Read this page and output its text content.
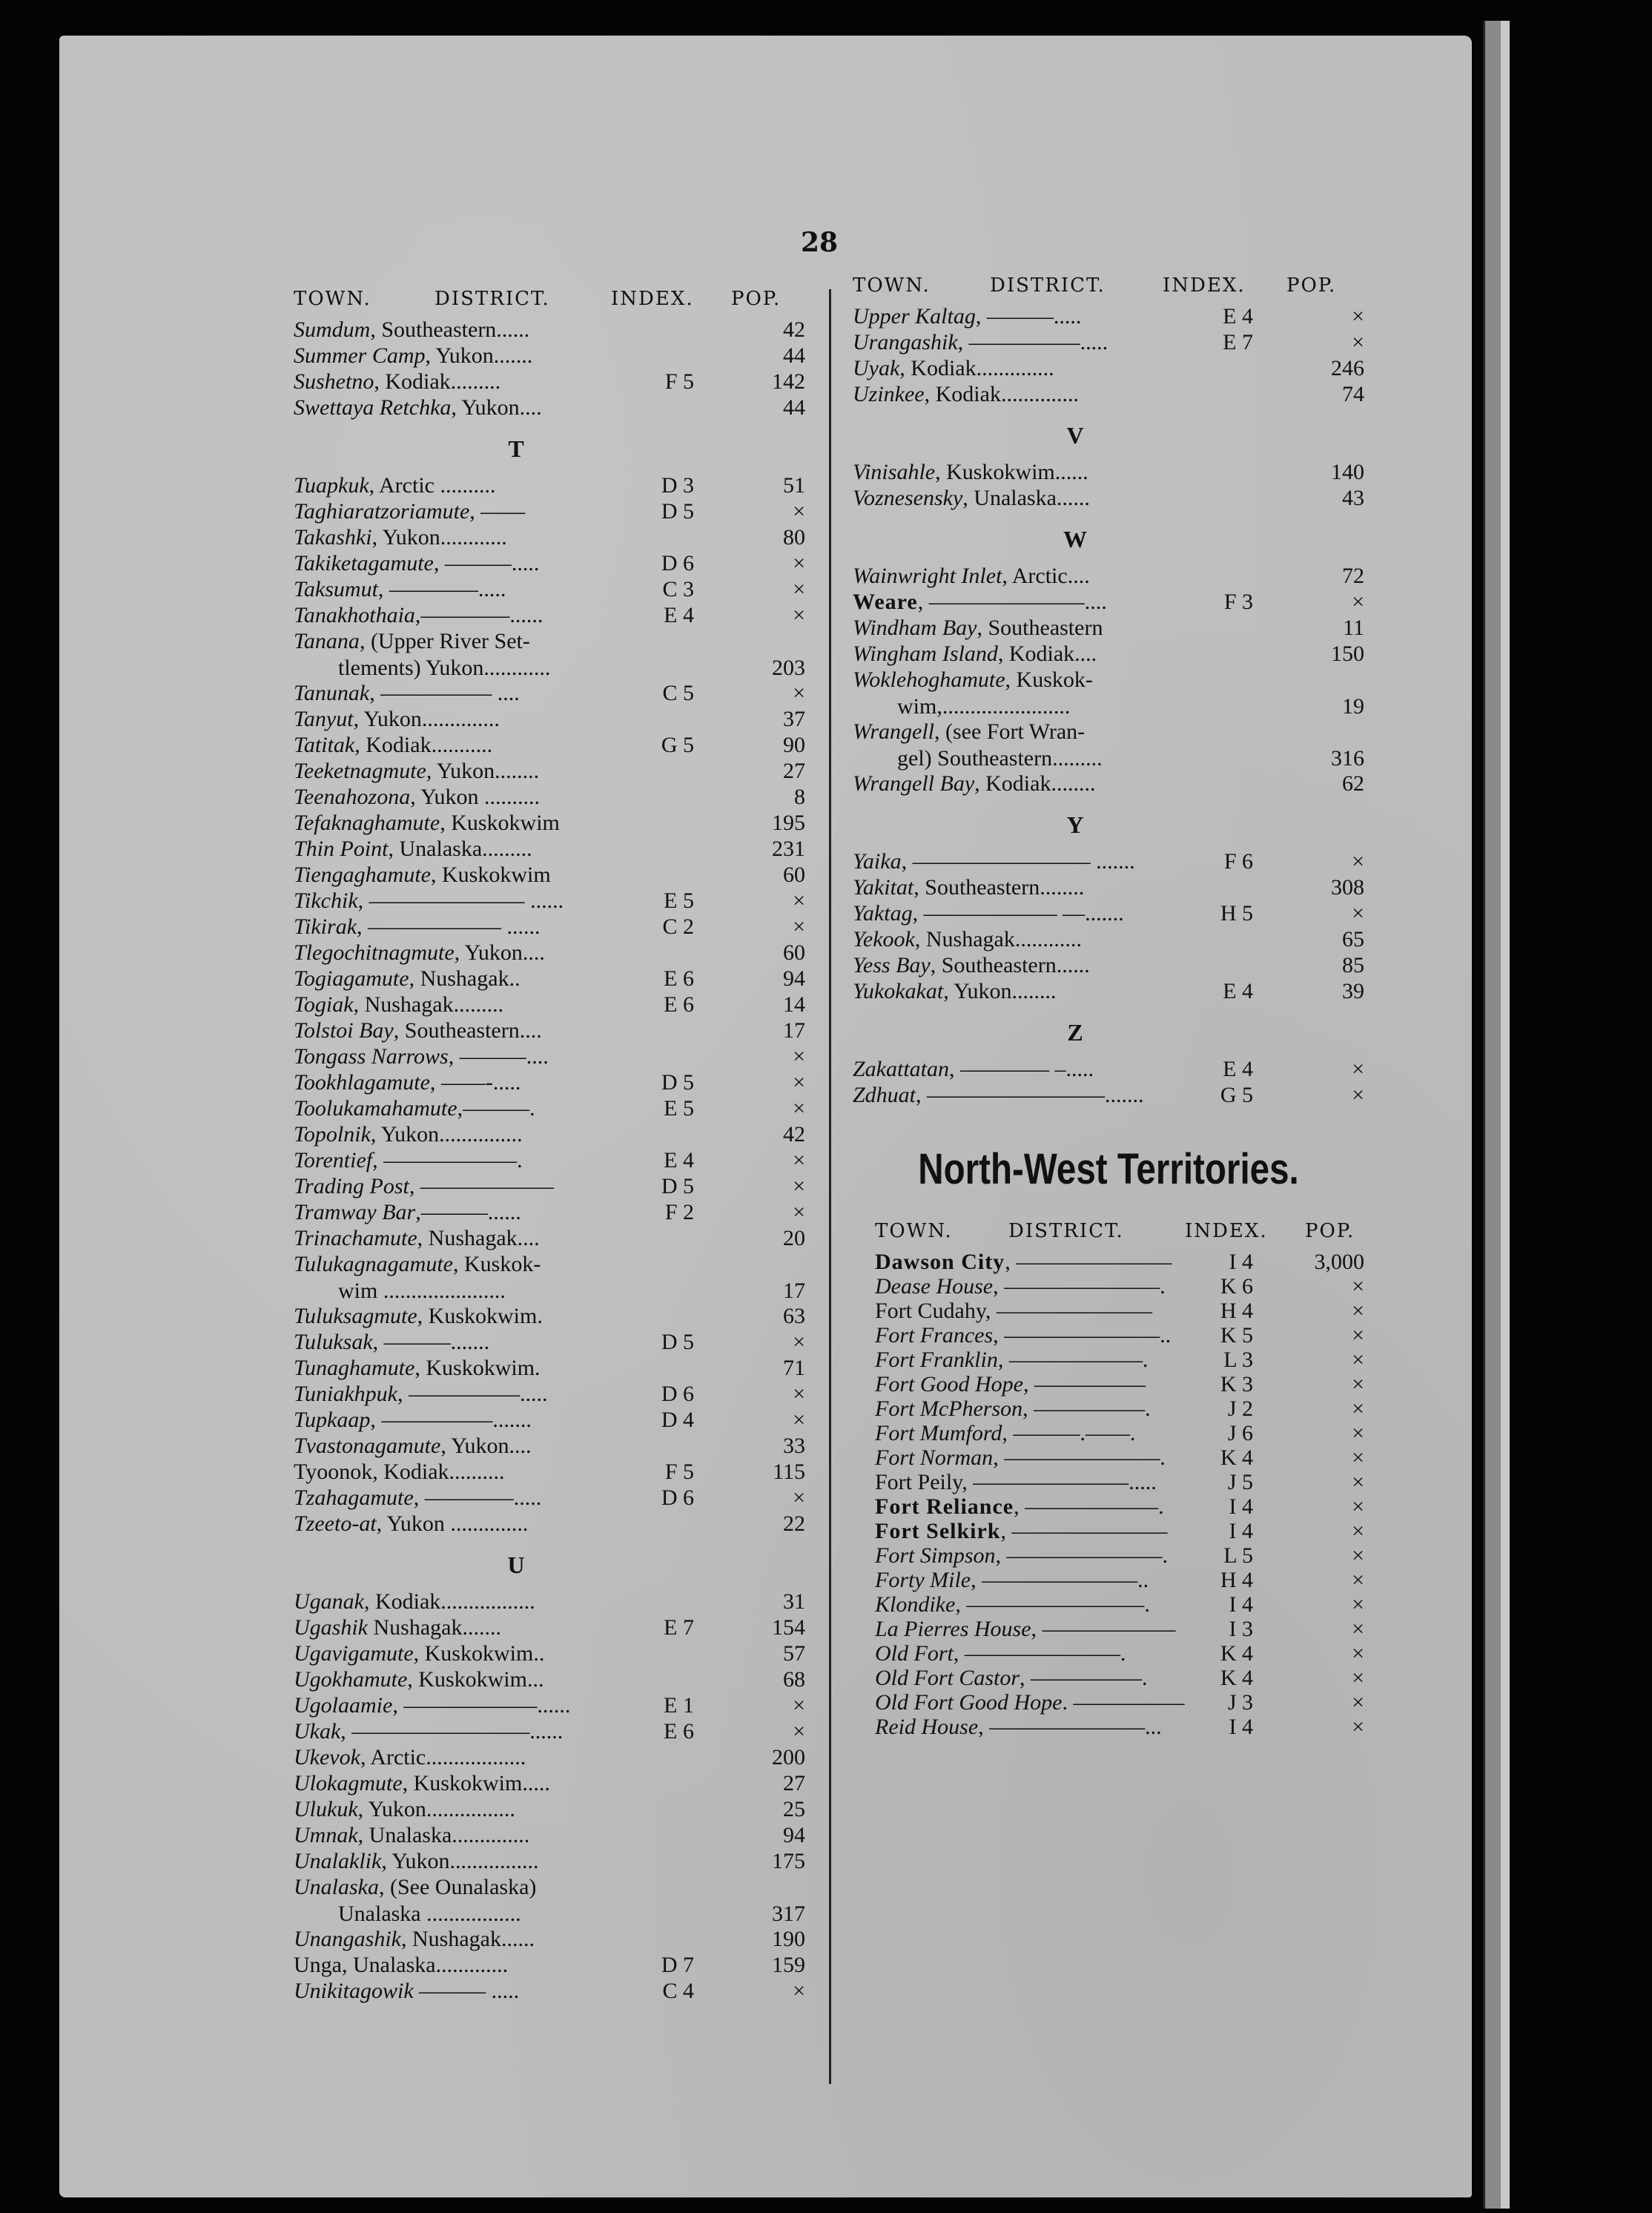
28
TOWN.	DISTRICT.	INDEX. POP.
Sumdum, Southeastern......	42
Summer Camp, Yukon.......	44
Sushetno, Kodiak.........	F 5	142
Swettaya Retchka, Yukon....	44
T
Tuapkuk, Arctic ..........	D 3	51
Taghiaratzoriamute, ——	D 5	×
Takashki, Yukon............	80
Takiketagamute, ———.....	D 6	×
Taksumut, ————.....	C 3	×
Tanakhothaia,————......	E 4	×
Tanana, (Upper River Set-
tlements) Yukon............	203
Tanunak, ————— ....	C 5	×
Tanyut, Yukon..............	37
Tatitak, Kodiak...........	G 5	90
Teeketnagmute, Yukon........	27
Teenahozona, Yukon ..........	8
Tefaknaghamute, Kuskokwim	195
Thin Point, Unalaska.........	231
Tiengaghamute, Kuskokwim	60
Tikchik, ——————— ......	E 5	×
Tikirak, —————— ......	C 2	×
Tlegochitnagmute, Yukon....	60
Togiagamute, Nushagak..	E 6	94
Togiak, Nushagak.........	E 6	14
Tolstoi Bay, Southeastern....	17
Tongass Narrows, ———....	×
Tookhlagamute, ——-.....	D 5	×
Toolukamahamute,———.	E 5	×
Topolnik, Yukon...............	42
Torentief, ——————.	E 4	×
Trading Post, ——————	D 5	×
Tramway Bar,———......	F 2	×
Trinachamute, Nushagak....	20
Tulukagnagamute, Kuskok-
wim ......................	17
Tuluksagmute, Kuskokwim.	63
Tuluksak, ———.......	D 5	×
Tunaghamute, Kuskokwim.	71
Tuniakhpuk, —————.....	D 6	×
Tupkaap, —————.......	D 4	×
Tvastonagamute, Yukon....	33
Tyoonok, Kodiak..........	F 5	115
Tzahagamute, ————.....	D 6	×
Tzeeto-at, Yukon ..............	22
U
Uganak, Kodiak.................	31
Ugashik Nushagak.......	E 7	154
Ugavigamute, Kuskokwim..	57
Ugokhamute, Kuskokwim...	68
Ugolaamie, ——————......	E 1	×
Ukak, ————————......	E 6	×
Ukevok, Arctic..................	200
Ulokagmute, Kuskokwim.....	27
Ulukuk, Yukon................	25
Umnak, Unalaska..............	94
Unalaklik, Yukon................	175
Unalaska, (See Ounalaska)
Unalaska .................	317
Unangashik, Nushagak......	190
Unga, Unalaska.............	D 7	159
Unikitagowik ——— .....	C 4	×
TOWN.	DISTRICT.	INDEX. POP.
Upper Kaltag, ———.....	E 4	×
Urangashik, —————.....	E 7	×
Uyak, Kodiak..............	246
Uzinkee, Kodiak..............	74
V
Vinisahle, Kuskokwim......	140
Voznesensky, Unalaska......	43
W
Wainwright Inlet, Arctic....	72
Weare, ———————....	F 3	×
Windham Bay, Southeastern	11
Wingham Island, Kodiak....	150
Woklehoghamute, Kuskok-
wim,.......................	19
Wrangell, (see Fort Wran-
gel) Southeastern.........	316
Wrangell Bay, Kodiak........	62
Y
Yaika, ———————— .......	F 6	×
Yakitat, Southeastern........	308
Yaktag, —————— —.......	H 5	×
Yekook, Nushagak............	65
Yess Bay, Southeastern......	85
Yukokakat, Yukon........	E 4	39
Z
Zakattatan, ———— –.....	E 4	×
Zdhuat, ————————.......	G 5	×
North-West Territories.
TOWN.	DISTRICT.	INDEX. POP.
Dawson City, ———————	I 4	3,000
Dease House, ———————. K 6	×
Fort Cudahy, ———————	H 4	×
Fort Frances, ———————.. K 5	×
Fort Franklin, ——————.	L 3	×
Fort Good Hope, —————	K 3	×
Fort McPherson, —————.	J 2	×
Fort Mumford, ———.——.	J 6	×
Fort Norman, ———————. K 4	×
Fort Peily, ———————.....	J 5	×
Fort Reliance, ——————.	I 4	×
Fort Selkirk, ———————	I 4	×
Fort Simpson, ———————.	L 5	×
Forty Mile, ———————..	H 4	×
Klondike, ————————.	I 4	×
La Pierres House, —————— I 3	×
Old Fort, ———————.	K 4	×
Old Fort Castor, —————.	K 4	×
Old Fort Good Hope. ————— J 3	×
Reid House, ———————...	I 4	×
